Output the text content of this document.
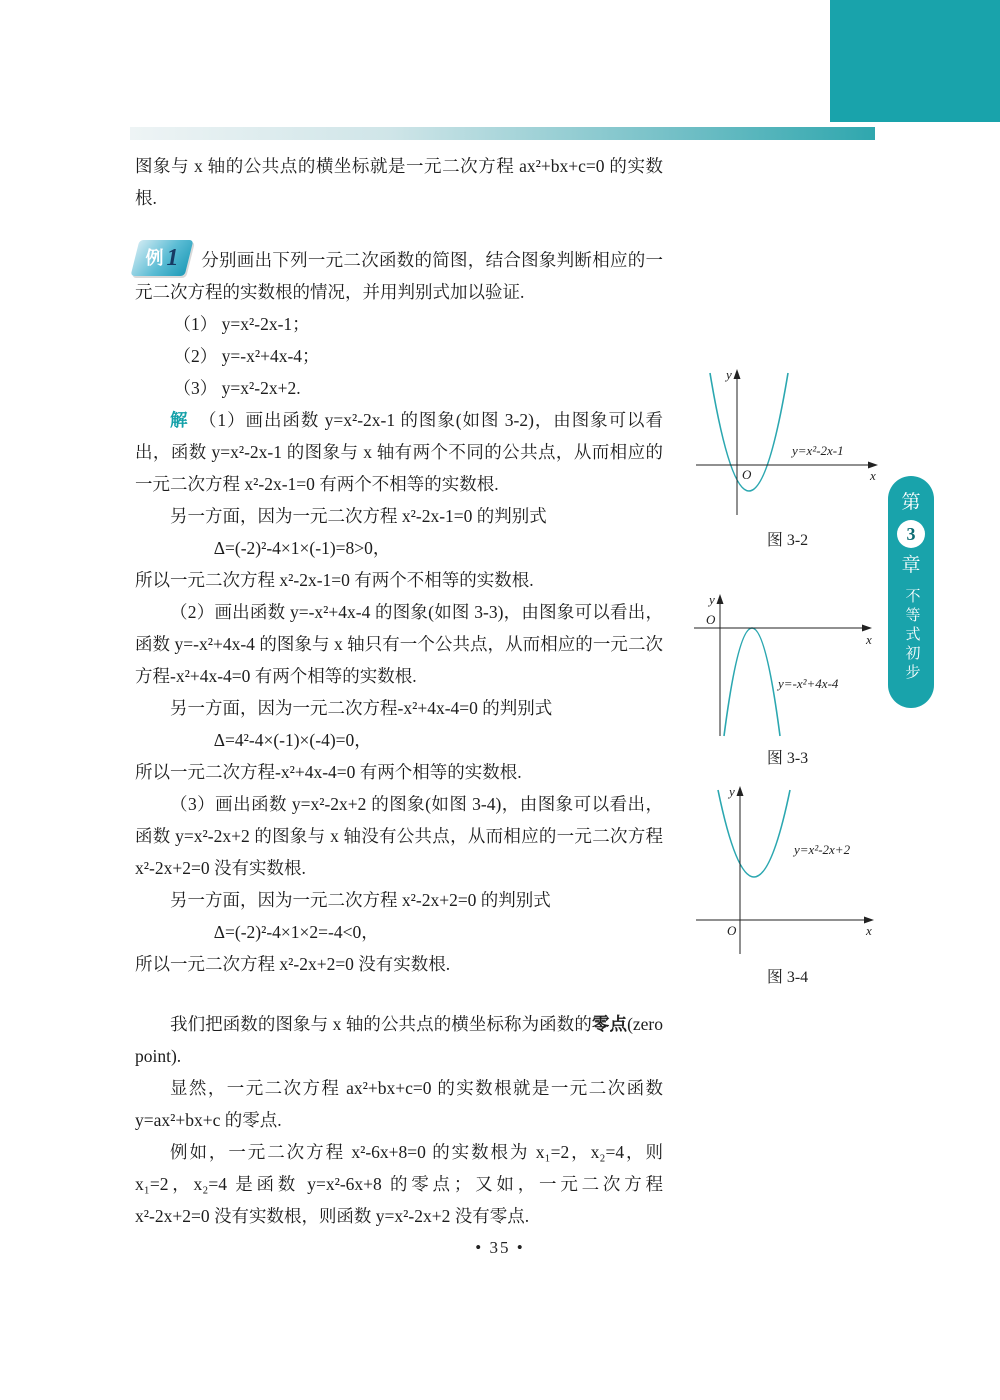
第
3
章
不等式初步

图象与 x 轴的公共点的横坐标就是一元二次方程 ax²+bx+c=0 的实数根.

例 1 分别画出下列一元二次函数的简图，结合图象判断相应的一元二次方程的实数根的情况，并用判别式加以验证.

（1） y=x²-2x-1；

（2） y=-x²+4x-4；

（3） y=x²-2x+2.

解 （1）画出函数 y=x²-2x-1 的图象(如图 3-2)，由图象可以看出，函数 y=x²-2x-1 的图象与 x 轴有两个不同的公共点，从而相应的一元二次方程 x²-2x-1=0 有两个不相等的实数根.

另一方面，因为一元二次方程 x²-2x-1=0 的判别式

Δ=(-2)²-4×1×(-1)=8>0，

所以一元二次方程 x²-2x-1=0 有两个不相等的实数根.

（2）画出函数 y=-x²+4x-4 的图象(如图 3-3)，由图象可以看出，函数 y=-x²+4x-4 的图象与 x 轴只有一个公共点，从而相应的一元二次方程-x²+4x-4=0 有两个相等的实数根.

另一方面，因为一元二次方程-x²+4x-4=0 的判别式

Δ=4²-4×(-1)×(-4)=0，

所以一元二次方程-x²+4x-4=0 有两个相等的实数根.

（3）画出函数 y=x²-2x+2 的图象(如图 3-4)，由图象可以看出，函数 y=x²-2x+2 的图象与 x 轴没有公共点，从而相应的一元二次方程 x²-2x+2=0 没有实数根.

另一方面，因为一元二次方程 x²-2x+2=0 的判别式

Δ=(-2)²-4×1×2=-4<0，

所以一元二次方程 x²-2x+2=0 没有实数根.

我们把函数的图象与 x 轴的公共点的横坐标称为函数的零点(zero point).

显然，一元二次方程 ax²+bx+c=0 的实数根就是一元二次函数 y=ax²+bx+c 的零点.

例如，一元二次方程 x²-6x+8=0 的实数根为 x₁=2，x₂=4，则 x₁=2，x₂=4 是函数 y=x²-6x+8 的零点；又如，一元二次方程 x²-2x+2=0 没有实数根，则函数 y=x²-2x+2 没有零点.

y
x
O
y=x²-2x-1
图 3-2
y
x
O
y=-x²+4x-4
图 3-3
y
x
O
y=x²-2x+2
图 3-4
• 35 •
